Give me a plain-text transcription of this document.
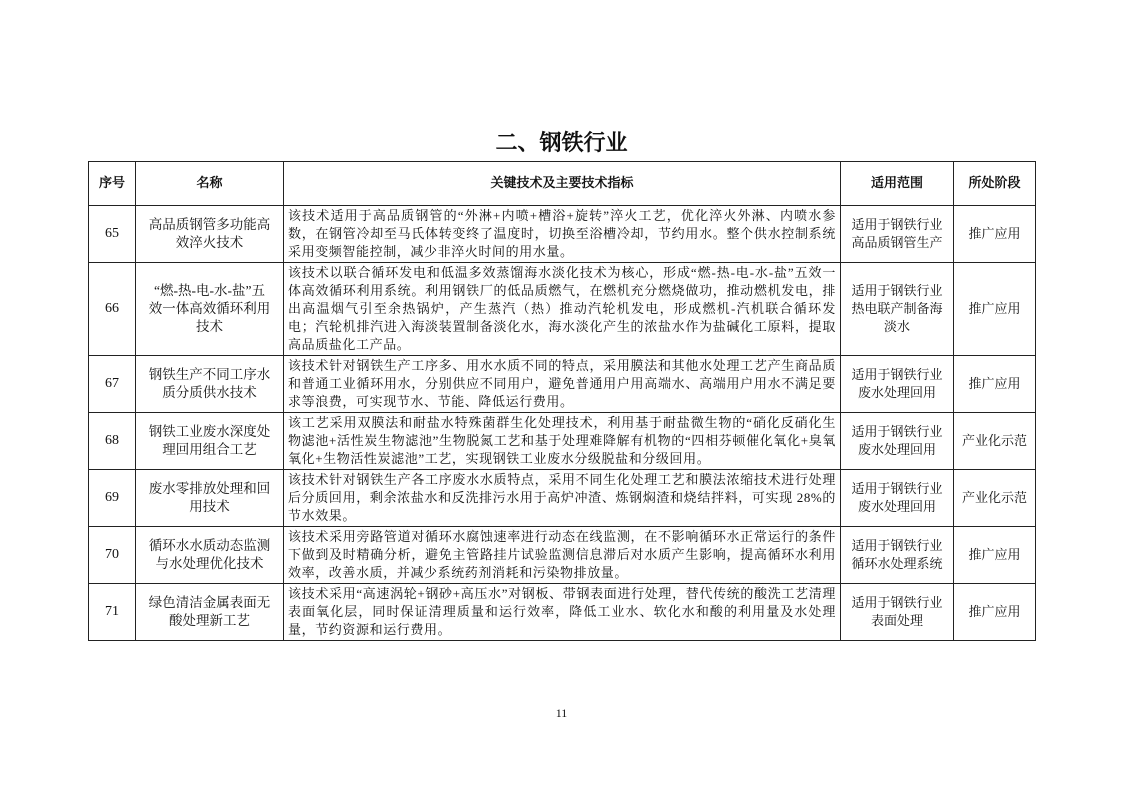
二、钢铁行业
序号	名称	关键技术及主要技术指标	适用范围	所处阶段
65	高品质钢管多功能高效淬火技术	该技术适用于高品质钢管的“外淋+内喷+槽浴+旋转”淬火工艺，优化淬火外淋、内喷水参数，在钢管冷却至马氏体转变终了温度时，切换至浴槽冷却，节约用水。整个供水控制系统采用变频智能控制，减少非淬火时间的用水量。	适用于钢铁行业高品质钢管生产	推广应用
66	“燃-热-电-水-盐”五效一体高效循环利用技术	该技术以联合循环发电和低温多效蒸馏海水淡化技术为核心，形成“燃-热-电-水-盐”五效一体高效循环利用系统。利用钢铁厂的低品质燃气，在燃机充分燃烧做功，推动燃机发电，排出高温烟气引至余热锅炉，产生蒸汽（热）推动汽轮机发电，形成燃机-汽机联合循环发电；汽轮机排汽进入海淡装置制备淡化水，海水淡化产生的浓盐水作为盐碱化工原料，提取高品质盐化工产品。	适用于钢铁行业热电联产制备海淡水	推广应用
67	钢铁生产不同工序水质分质供水技术	该技术针对钢铁生产工序多、用水水质不同的特点，采用膜法和其他水处理工艺产生商品质和普通工业循环用水，分别供应不同用户，避免普通用户用高端水、高端用户用水不满足要求等浪费，可实现节水、节能、降低运行费用。	适用于钢铁行业废水处理回用	推广应用
68	钢铁工业废水深度处理回用组合工艺	该工艺采用双膜法和耐盐水特殊菌群生化处理技术，利用基于耐盐微生物的“硝化反硝化生物滤池+活性炭生物滤池”生物脱氮工艺和基于处理难降解有机物的“四相芬顿催化氧化+臭氧氧化+生物活性炭滤池”工艺，实现钢铁工业废水分级脱盐和分级回用。	适用于钢铁行业废水处理回用	产业化示范
69	废水零排放处理和回用技术	该技术针对钢铁生产各工序废水水质特点，采用不同生化处理工艺和膜法浓缩技术进行处理后分质回用，剩余浓盐水和反洗排污水用于高炉冲渣、炼钢焖渣和烧结拌料，可实现 28%的节水效果。	适用于钢铁行业废水处理回用	产业化示范
70	循环水水质动态监测与水处理优化技术	该技术采用旁路管道对循环水腐蚀速率进行动态在线监测，在不影响循环水正常运行的条件下做到及时精确分析，避免主管路挂片试验监测信息滞后对水质产生影响，提高循环水利用效率，改善水质，并减少系统药剂消耗和污染物排放量。	适用于钢铁行业循环水处理系统	推广应用
71	绿色清洁金属表面无酸处理新工艺	该技术采用“高速涡轮+钢砂+高压水”对钢板、带钢表面进行处理，替代传统的酸洗工艺清理表面氧化层，同时保证清理质量和运行效率，降低工业水、软化水和酸的利用量及水处理量，节约资源和运行费用。	适用于钢铁行业表面处理	推广应用
11
